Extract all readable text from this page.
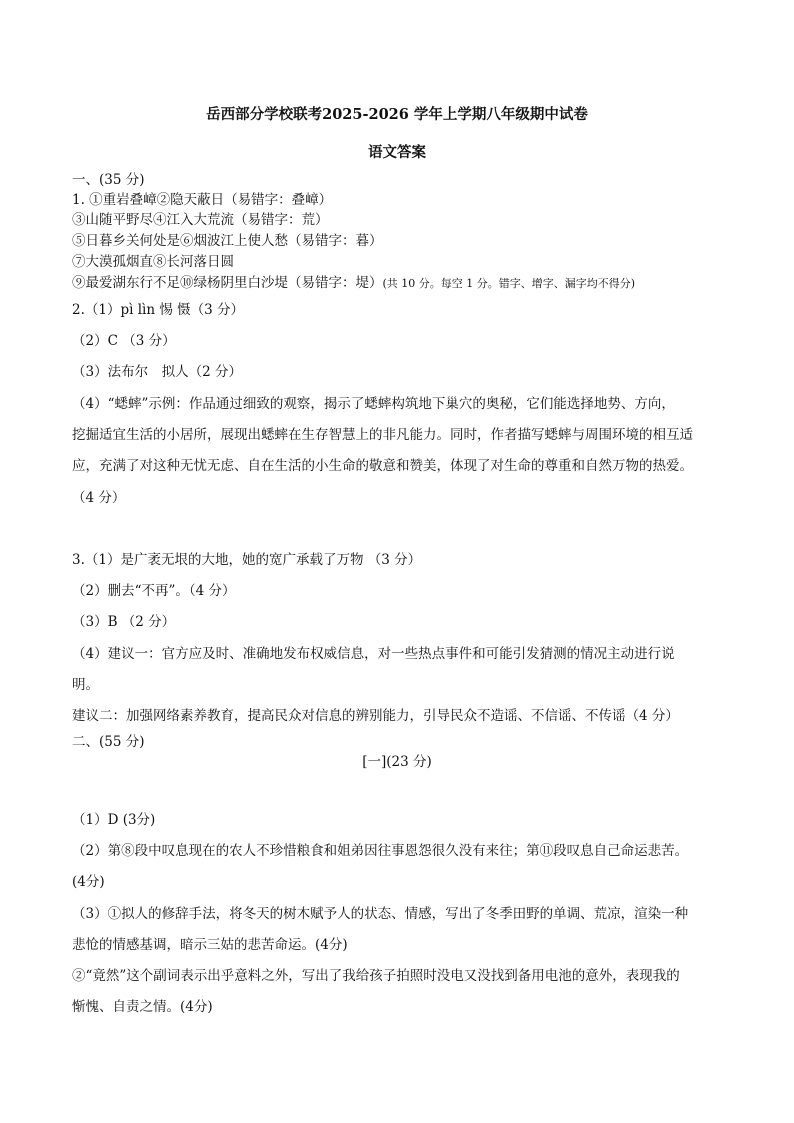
岳西部分学校联考2025-2026 学年上学期八年级期中试卷
语文答案
一、(35 分)
1. ①重岩叠嶂②隐天蔽日（易错字：叠嶂）
③山随平野尽④江入大荒流（易错字：荒）
⑤日暮乡关何处是⑥烟波江上使人愁（易错字：暮）
⑦大漠孤烟直⑧长河落日圆
⑨最爱湖东行不足⑩绿杨阴里白沙堤（易错字：堤）(共 10 分。每空 1 分。错字、增字、漏字均不得分)
2.（1）pì lìn 惕 慑（3 分）
（2）C （3 分）
（3）法布尔　拟人（2 分）
（4）“蟋蟀”示例：作品通过细致的观察，揭示了蟋蟀构筑地下巢穴的奥秘，它们能选择地势、方向，
挖掘适宜生活的小居所，展现出蟋蟀在生存智慧上的非凡能力。同时，作者描写蟋蟀与周围环境的相互适
应，充满了对这种无忧无虑、自在生活的小生命的敬意和赞美，体现了对生命的尊重和自然万物的热爱。
（4 分）
3.（1）是广袤无垠的大地，她的宽广承载了万物 （3 分）
（2）删去“不再”。（4 分）
（3）B （2 分）
（4）建议一：官方应及时、准确地发布权威信息，对一些热点事件和可能引发猜测的情况主动进行说
明。
建议二：加强网络素养教育，提高民众对信息的辨别能力，引导民众不造谣、不信谣、不传谣（4 分）
二、(55 分)
[一](23 分)
（1）D (3分)
（2）第⑧段中叹息现在的农人不珍惜粮食和姐弟因往事恩怨很久没有来往；第⑪段叹息自己命运悲苦。
(4分)
（3）①拟人的修辞手法，将冬天的树木赋予人的状态、情感，写出了冬季田野的单调、荒凉，渲染一种
悲怆的情感基调，暗示三姑的悲苦命运。(4分)
②“竟然”这个副词表示出乎意料之外，写出了我给孩子拍照时没电又没找到备用电池的意外，表现我的
惭愧、自责之情。(4分)
